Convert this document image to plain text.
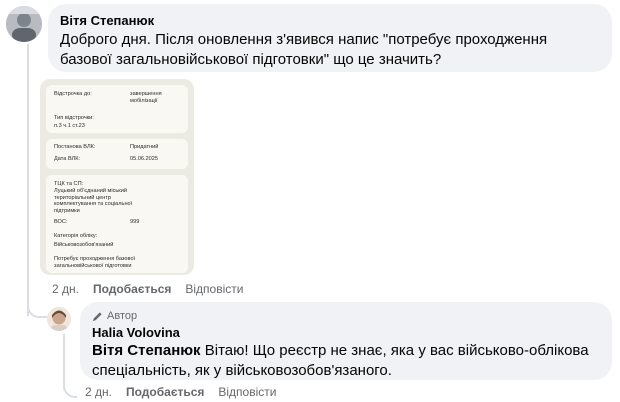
Вітя Степанюк
Доброго дня. Після оновлення з'явився напис "потребує проходження базової загальновійськової підготовки" що це значить?
Відстрочка до:	завершення мобілізації
Тип відстрочки:
п.3 ч.1 ст.23
Постанова ВЛК:	Придатний
Дата ВЛК:	05.06.2025
ТЦК та СП:
Луцький об'єднаний міський територіальний центр комплектування та соціальної підтримки
ВОС:	999
Категорія обліку:
Військовозобов'язаний
Потребує проходження базової загальновійськової підготовки
2 дн. Подобається Відповісти
Автор
Halia Volovina
Вітя Степанюк Вітаю! Що реєстр не знає, яка у вас військово-облікова спеціальність, як у військовозобов'язаного.
2 дн. Подобається Відповісти
